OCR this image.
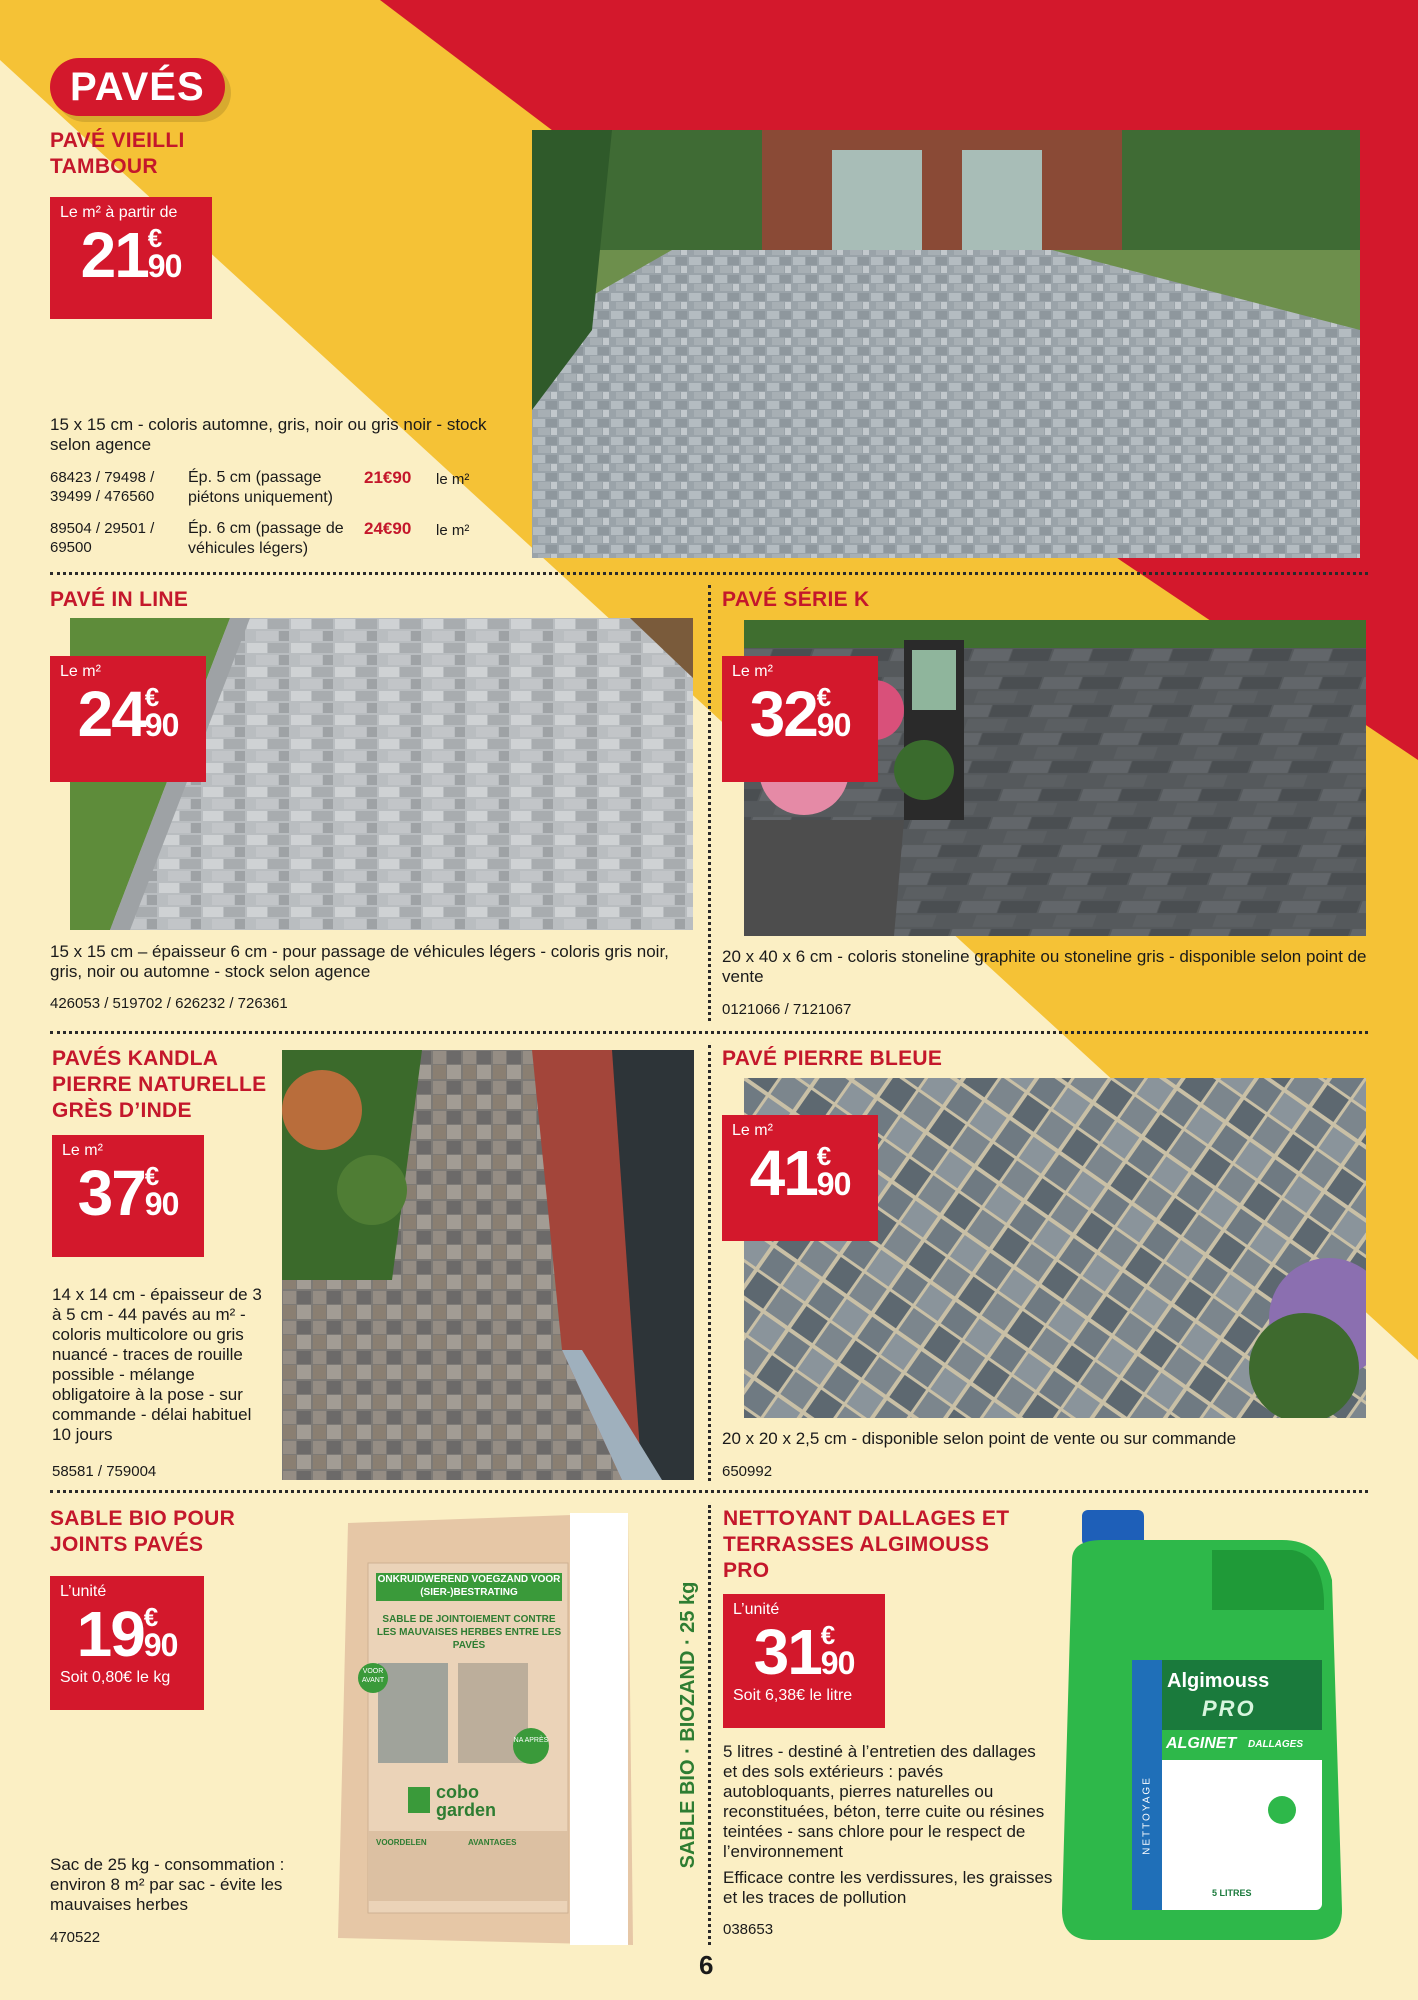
PAVÉS
PAVÉ VIEILLI TAMBOUR
Le m² à partir de
21 €
90
15 x 15 cm - coloris automne, gris, noir ou gris noir - stock selon agence
68423 / 79498 / 39499 / 476560
Ép. 5 cm (passage piétons uniquement)
21€90 le m²
89504 / 29501 / 69500
Ép. 6 cm (passage de véhicules légers)
24€90 le m²
PAVÉ IN LINE
Le m²
24 €
90
15 x 15 cm – épaisseur 6 cm - pour passage de véhicules légers - coloris gris noir, gris, noir ou automne - stock selon agence
426053 / 519702 / 626232 / 726361
PAVÉ SÉRIE K
Le m²
32 €
90
20 x 40 x 6 cm - coloris stoneline graphite ou stoneline gris - disponible selon point de vente
0121066 / 7121067
PAVÉS KANDLA PIERRE NATURELLE GRÈS D’INDE
Le m²
37 €
90
14 x 14 cm - épaisseur de 3 à 5 cm - 44 pavés au m² - coloris multicolore ou gris nuancé - traces de rouille possible - mélange obligatoire à la pose - sur commande - délai habituel 10 jours
58581 / 759004
PAVÉ PIERRE BLEUE
Le m²
41 €
90
20 x 20 x 2,5 cm - disponible selon point de vente ou sur commande
650992
SABLE BIO POUR JOINTS PAVÉS
L’unité
19 €
90
Soit 0,80€ le kg
Sac de 25 kg - consommation : environ 8 m² par sac - évite les mauvaises herbes
470522
ONKRUIDWEREND VOEGZAND VOOR (SIER-)BESTRATING
SABLE DE JOINTOIEMENT CONTRE LES MAUVAISES HERBES ENTRE LES PAVÉS
VOOR AVANT
NA APRÈS
cobo garden
VOORDELEN	AVANTAGES	SABLE BIO · BIOZAND · 25 kg
NETTOYANT DALLAGES ET TERRASSES ALGIMOUSS PRO
L’unité
31 €
90
Soit 6,38€ le litre
5 litres - destiné à l’entretien des dallages et des sols extérieurs : pavés autobloquants, pierres naturelles ou reconstituées, béton, terre cuite ou résines teintées - sans chlore pour le respect de l’environnement
Efficace contre les verdissures, les graisses et les traces de pollution
038653
Algimouss
PRO
ALGINET DALLAGES
NETTOYAGE
5 LITRES
6
